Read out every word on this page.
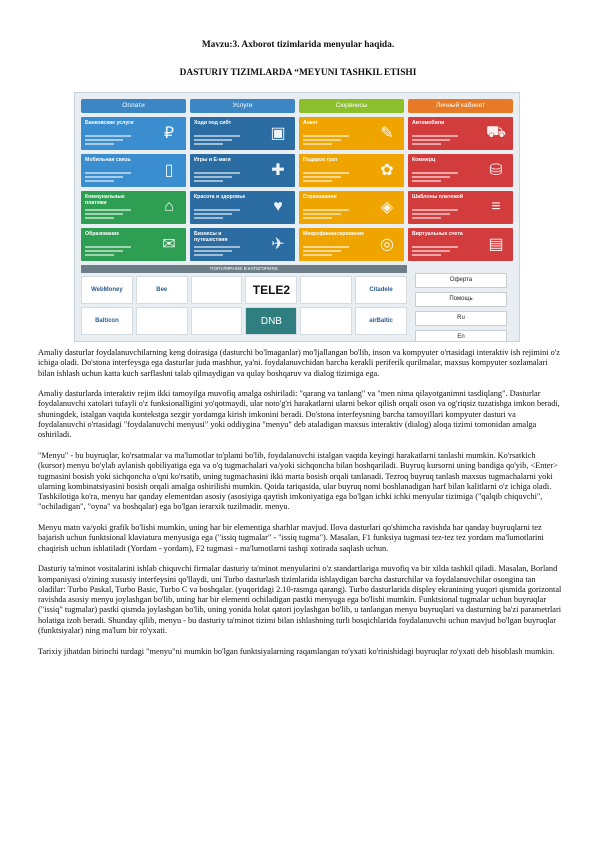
Mavzu:3. Axborot tizimlarida menyular haqida.
DASTURIY TIZIMLARDA “MEYUNI TASHKIL ETISHI
Оплати	Услуги	Сюрвиисы	Личный кабинет
Банковские услуги
₽
Ходи под сибт
▣
Анкет
✎
Автомобили
⛟
Мобильная связь
▯
Игры и E-маги
✚
Подарок трат
✿
Коммерц
⛁
Коммунальные платежи	⌂
Красота и здоровье
♥
Страхования
◈
Шаблоны платежей
≡
Образование
✉
Бизнесы и путешествия	✈
Микрофинансирование
◎
Виртуальные счета
▤
ПОПУЛЯРНОЕ В КАТЕГОРИЯХ
WebMoney	Bee	TELE2	Citadele
Balticon	DNB	airBaltic
Оферта
Помощь
Ru
En

Amaliy dasturlar foydalanuvchilarning keng doirasiga (dasturchi bo'lmaganlar) mo'ljallangan bo'lib, inson va kompyuter o'rtasidagi interaktiv ish rejimini o'z ichiga oladi. Do'stona interfeysga ega dasturlar juda mashhur, ya'ni. foydalanuvchidan barcha kerakli periferik qurilmalar, maxsus kompyuter sozlamalari bilan ishlash uchun katta kuch sarflashni talab qilmaydigan va qulay boshqaruv va dialog tizimiga ega.

Amaliy dasturlarda interaktiv rejim ikki tamoyilga muvofiq amalga oshiriladi: "qarang va tanlang" va "men nima qilayotganimni tasdiqlang". Dasturlar foydalanuvchi xatolari tufayli o'z funksionalligini yo'qotmaydi, ular noto'g'ri harakatlarni ularni bekor qilish orqali oson va og'riqsiz tuzatishga imkon beradi, shuningdek, istalgan vaqtda kontekstga sezgir yordamga kirish imkonini beradi. Do'stona interfeysning barcha tamoyillari kompyuter dasturi va foydalanuvchi o'rtasidagi "foydalanuvchi menyusi" yoki oddiygina "menyu" deb ataladigan maxsus interaktiv (dialog) aloqa tizimi tomonidan amalga oshiriladi.

"Menyu" - bu buyruqlar, ko'rsatmalar va ma'lumotlar to'plami bo'lib, foydalanuvchi istalgan vaqtda keyingi harakatlarni tanlashi mumkin. Ko'rsatkich (kursor) menyu bo'ylab aylanish qobiliyatiga ega va o'q tugmachalari va/yoki sichqoncha bilan boshqariladi. Buyruq kursorni uning bandiga qo'yib, <Enter> tugmasini bosish yoki sichqoncha o'qni ko'rsatib, uning tugmachasini ikki marta bosish orqali tanlanadi. Tezroq buyruq tanlash maxsus tugmachalarni yoki ularning kombinatsiyasini bosish orqali amalga oshirilishi mumkin. Qoida tariqasida, ular buyruq nomi boshlanadigan harf bilan kalitlarni o'z ichiga oladi. Tashkilotiga ko'ra, menyu har qanday elementdan asosiy (asosiyiga qaytish imkoniyatiga ega bo'lgan ichki ichki menyular tizimiga ("qalqib chiquvchi", "ochiladigan", "oyna" va boshqalar) ega bo'lgan ierarxik tuzilmadir. menyu.

Menyu matn va/yoki grafik bo'lishi mumkin, uning har bir elementiga sharhlar mavjud. Ilova dasturlari qo'shimcha ravishda har qanday buyruqlarni tez bajarish uchun funktsional klaviatura menyusiga ega ("issiq tugmalar" - "issiq tugma"). Masalan, F1 funksiya tugmasi tez-tez tez yordam ma'lumotlarini chaqirish uchun ishlatiladi (Yordam - yordam), F2 tugmasi - ma'lumotlarni tashqi xotirada saqlash uchun.

Dasturiy ta'minot vositalarini ishlab chiquvchi firmalar dasturiy ta'minot menyularini o'z standartlariga muvofiq va bir xilda tashkil qiladi. Masalan, Borland kompaniyasi o'zining xususiy interfeysini qo'llaydi, uni Turbo dasturlash tizimlarida ishlaydigan barcha dasturchilar va foydalanuvchilar osongina tan oladilar: Turbo Paskal, Turbo Basic, Turbo C va boshqalar. (yuqoridagi 2.10-rasmga qarang). Turbo dasturlarida displey ekranining yuqori qismida gorizontal ravishda asosiy menyu joylashgan bo'lib, uning har bir elementi ochiladigan pastki menyuga ega bo'lishi mumkin. Funktsional tugmalar uchun buyruqlar ("issiq" tugmalar) pastki qismda joylashgan bo'lib, uning yonida holat qatori joylashgan bo'lib, u tanlangan menyu buyruqlari va dasturning ba'zi parametrlari holatiga izoh beradi. Shunday qilib, menyu - bu dasturiy ta'minot tizimi bilan ishlashning turli bosqichlarida foydalanuvchi uchun mavjud bo'lgan buyruqlar (funktsiyalar) ning ma'lum bir ro'yxati.

Tarixiy jihatdan birinchi turdagi "menyu"ni mumkin bo'lgan funktsiyalarning raqamlangan ro'yxati ko'rinishidagi buyruqlar ro'yxati deb hisoblash mumkin.
